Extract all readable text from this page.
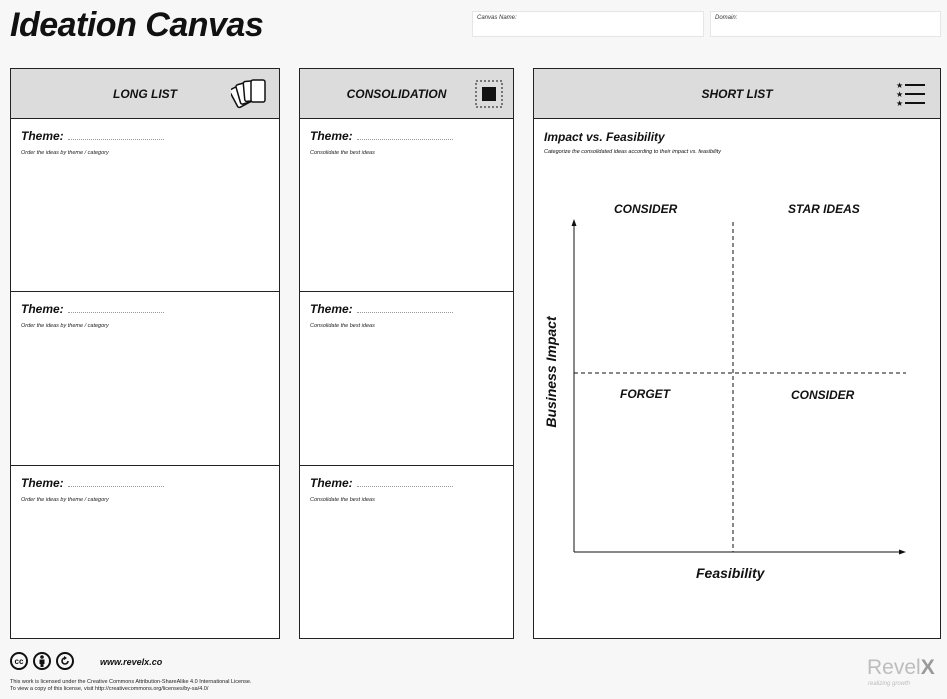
Ideation Canvas	Canvas Name:	Domain:
LONG LIST
Theme:
Order the ideas by theme / category
Theme:
Order the ideas by theme / category
Theme:
Order the ideas by theme / category
CONSOLIDATION
Theme:
Consolidate the best ideas
Theme:
Consolidate the best ideas
Theme:
Consolidate the best ideas
SHORT LIST
★
★
★
Impact vs. Feasibility
Categorize the consolidated ideas according to their impact vs. feasibility
CONSIDER	STAR IDEAS
FORGET	CONSIDER
Feasibility
Business Impact
cc	www.revelx.co
This work is licensed under the Creative Commons Attribution-ShareAlike 4.0 International License.
To view a copy of this license, visit http://creativecommons.org/licenses/by-sa/4.0/
RevelX
realizing growth
